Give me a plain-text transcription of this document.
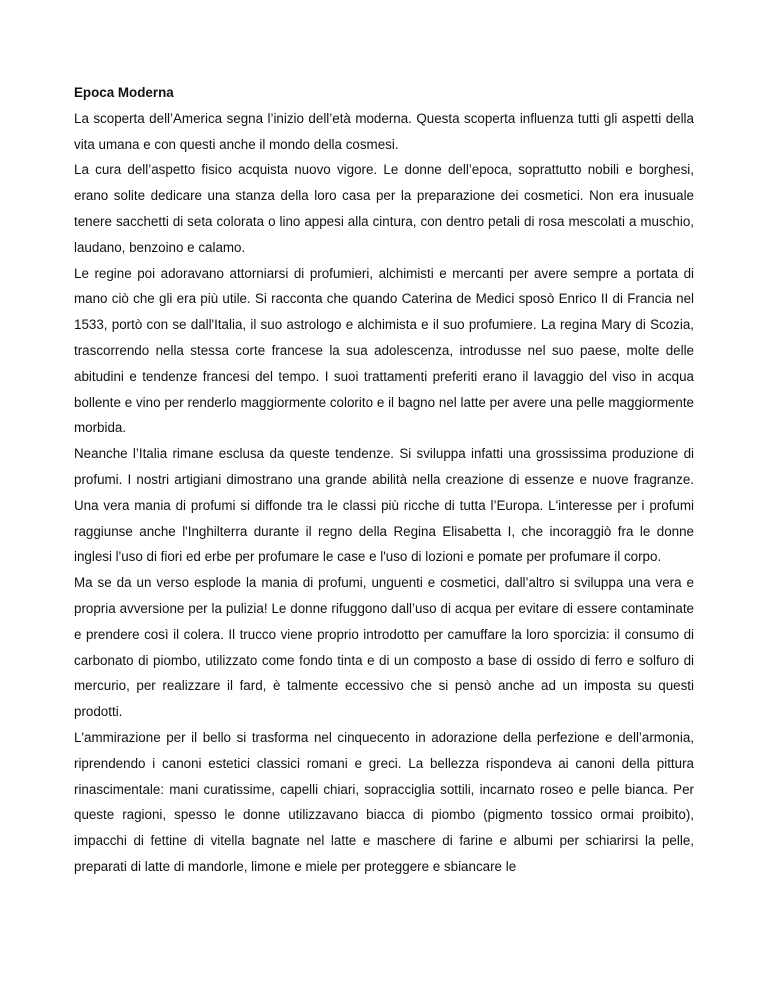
Epoca Moderna

La scoperta dell’America segna l’inizio dell’età moderna. Questa scoperta influenza tutti gli aspetti della vita umana e con questi anche il mondo della cosmesi.

La cura dell’aspetto fisico acquista nuovo vigore. Le donne dell’epoca, soprattutto nobili e borghesi, erano solite dedicare una stanza della loro casa per la preparazione dei cosmetici. Non era inusuale tenere sacchetti di seta colorata o lino appesi alla cintura, con dentro petali di rosa mescolati a muschio, laudano, benzoino e calamo.

Le regine poi adoravano attorniarsi di profumieri, alchimisti e mercanti per avere sempre a portata di mano ciò che gli era più utile. Si racconta che quando Caterina de Medici sposò Enrico II di Francia nel 1533, portò con se dall'Italia, il suo astrologo e alchimista e il suo profumiere. La regina Mary di Scozia, trascorrendo nella stessa corte francese la sua adolescenza, introdusse nel suo paese, molte delle abitudini e tendenze francesi del tempo. I suoi trattamenti preferiti erano il lavaggio del viso in acqua bollente e vino per renderlo maggiormente colorito e il bagno nel latte per avere una pelle maggiormente morbida.

Neanche l’Italia rimane esclusa da queste tendenze. Si sviluppa infatti una grossissima produzione di profumi. I nostri artigiani dimostrano una grande abilità nella creazione di essenze e nuove fragranze. Una vera mania di profumi si diffonde tra le classi più ricche di tutta l’Europa. L'interesse per i profumi raggiunse anche l'Inghilterra durante il regno della Regina Elisabetta I, che incoraggiò fra le donne inglesi l'uso di fiori ed erbe per profumare le case e l'uso di lozioni e pomate per profumare il corpo.

Ma se da un verso esplode la mania di profumi, unguenti e cosmetici, dall’altro si sviluppa una vera e propria avversione per la pulizia! Le donne rifuggono dall’uso di acqua per evitare di essere contaminate e prendere così il colera. Il trucco viene proprio introdotto per camuffare la loro sporcizia: il consumo di carbonato di piombo, utilizzato come fondo tinta e di un composto a base di ossido di ferro e solfuro di mercurio, per realizzare il fard, è talmente eccessivo che si pensò anche ad un imposta su questi prodotti.

L'ammirazione per il bello si trasforma nel cinquecento in adorazione della perfezione e dell’armonia, riprendendo i canoni estetici classici romani e greci. La bellezza rispondeva ai canoni della pittura rinascimentale: mani curatissime, capelli chiari, sopracciglia sottili, incarnato roseo e pelle bianca. Per queste ragioni, spesso le donne utilizzavano biacca di piombo (pigmento tossico ormai proibito), impacchi di fettine di vitella bagnate nel latte e maschere di farine e albumi per schiarirsi la pelle, preparati di latte di mandorle, limone e miele per proteggere e sbiancare le
